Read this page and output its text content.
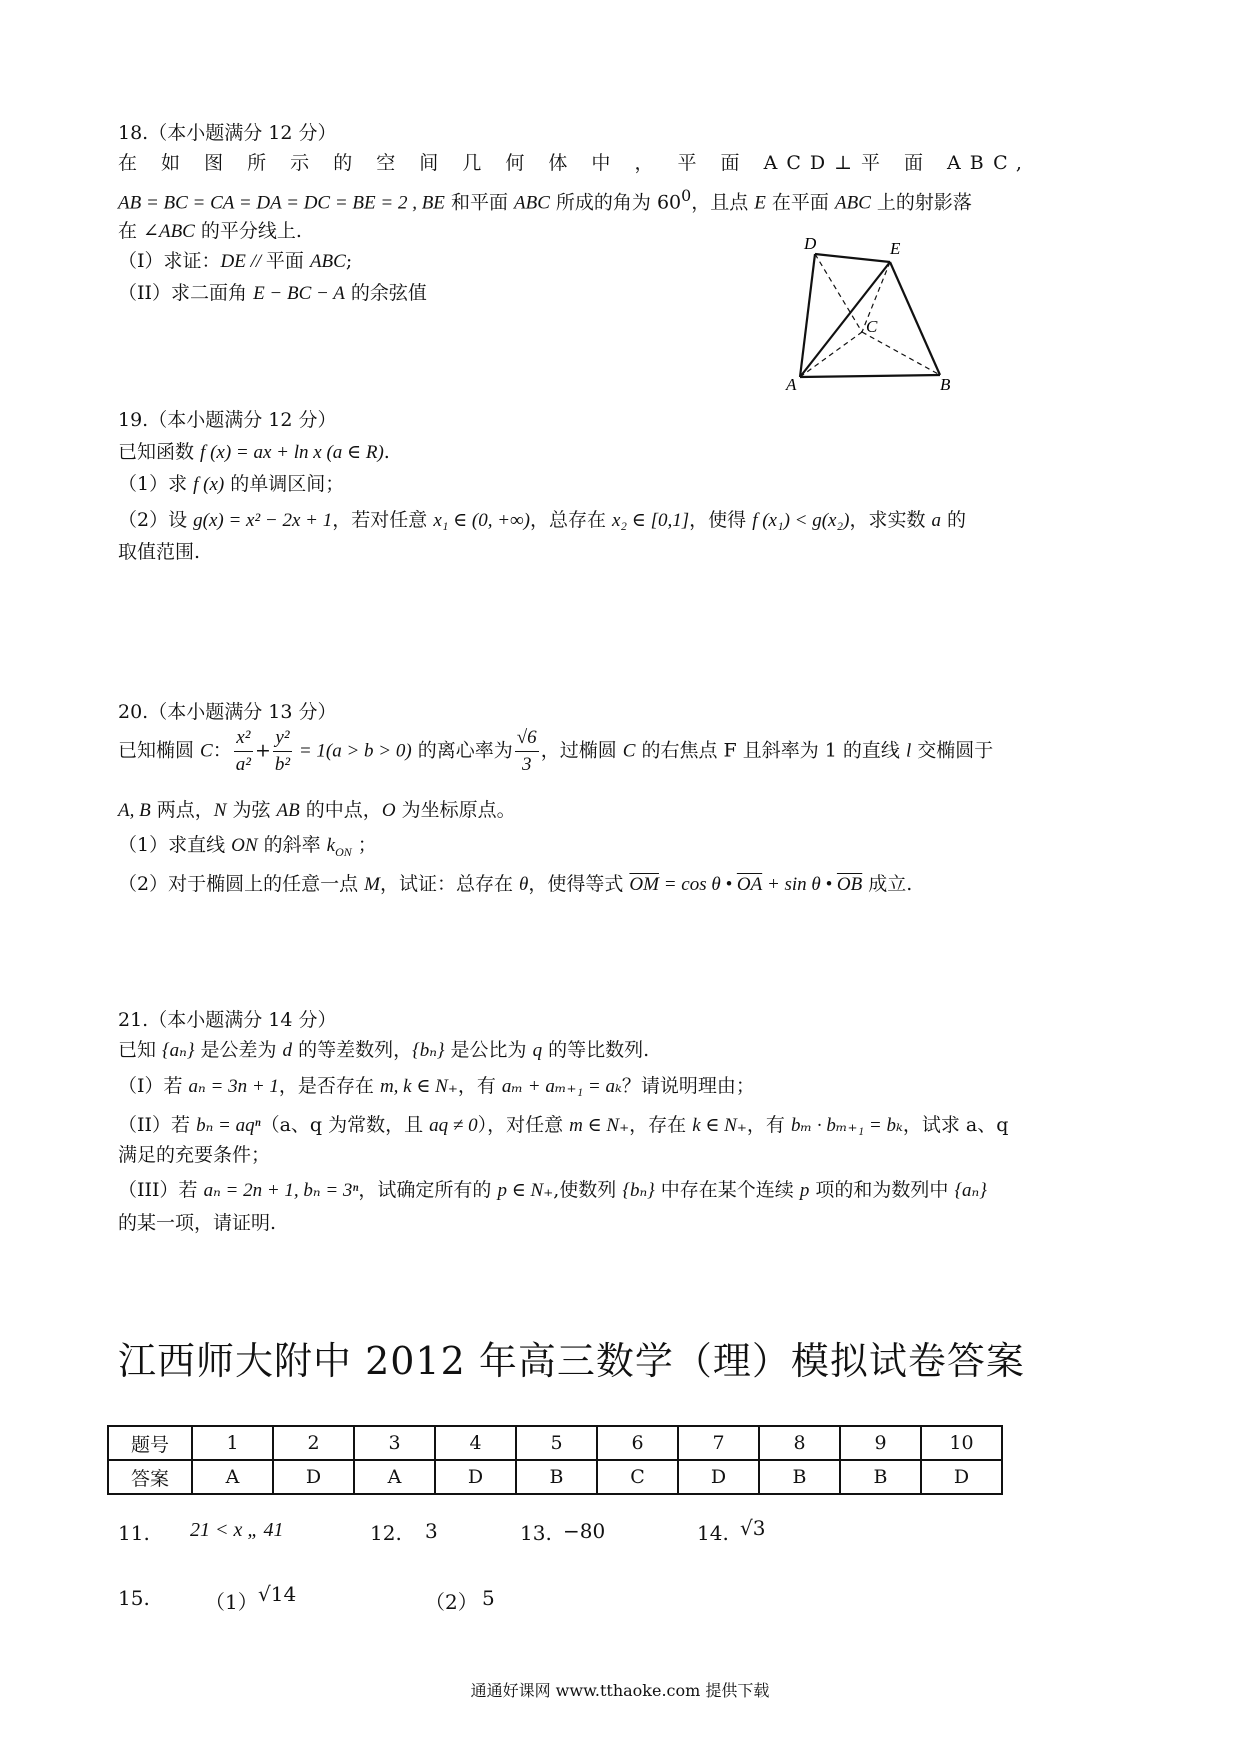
18.（本小题满分 12 分）
在 如 图 所 示 的 空 间 几 何 体 中 ， 平 面 ACD⊥平 面 ABC,
AB = BC = CA = DA = DC = BE = 2 , BE 和平面 ABC 所成的角为 $60^0$，且点 E 在平面 ABC 上的射影落
在 ∠ABC 的平分线上.
（I）求证：DE // 平面 ABC;
（II）求二面角 E − BC − A 的余弦值
D	E
C
A	B
19.（本小题满分 12 分）
已知函数 f (x) = ax + ln x (a ∈ R).
（1）求 f (x) 的单调区间；
（2）设 g(x) = x² − 2x + 1，若对任意 x₁ ∈ (0, +∞)，总存在 x₂ ∈ [0,1]，使得 f (x₁) < g(x₂)，求实数 a 的
取值范围.
20.（本小题满分 13 分）
已知椭圆 C： $\frac{\text{x²}}{\text{a²}} + \frac{\text{y²}}{\text{b²}} = 1(a > b > 0)$ 的离心率为 $\frac{√6}{3}$ ，过椭圆 C 的右焦点 F 且斜率为 1 的直线 l 交椭圆于
A, B 两点，N 为弦 AB 的中点，O 为坐标原点。
（1）求直线 ON 的斜率 $k_{ON}$ ；
（2）对于椭圆上的任意一点 M，试证：总存在 θ，使得等式 $\overline{OM} = \cos \theta$ • $\overline{OA} + \sin \theta$ • $\overline{OB}$ 成立.
21.（本小题满分 14 分）
已知 {aₙ} 是公差为 d 的等差数列，{bₙ} 是公比为 q 的等比数列.
（I）若 aₙ = 3n + 1，是否存在 m, k ∈ N₊，有 aₘ + aₘ₊₁ = aₖ？请说明理由；
（II）若 bₙ = aqⁿ（a、q 为常数，且 aq ≠ 0），对任意 m ∈ N₊，存在 k ∈ N₊，有 bₘ · bₘ₊₁ = bₖ，试求 a、q
满足的充要条件；
（III）若 aₙ = 2n + 1, bₙ = 3ⁿ，试确定所有的 p ∈ N₊,使数列 {bₙ} 中存在某个连续 p 项的和为数列中 {aₙ}
的某一项，请证明.
江西师大附中 2012 年高三数学（理）模拟试卷答案
题号	1	2	3	4	5	6	7	8	9	10
答案	A	D	A	D	B	C	D	B	B	D
11. 21 < x „ 41	12. 3	13. −80	14. √3
15.	（1） √14	（2） 5
通通好课网 www.tthaoke.com 提供下载
